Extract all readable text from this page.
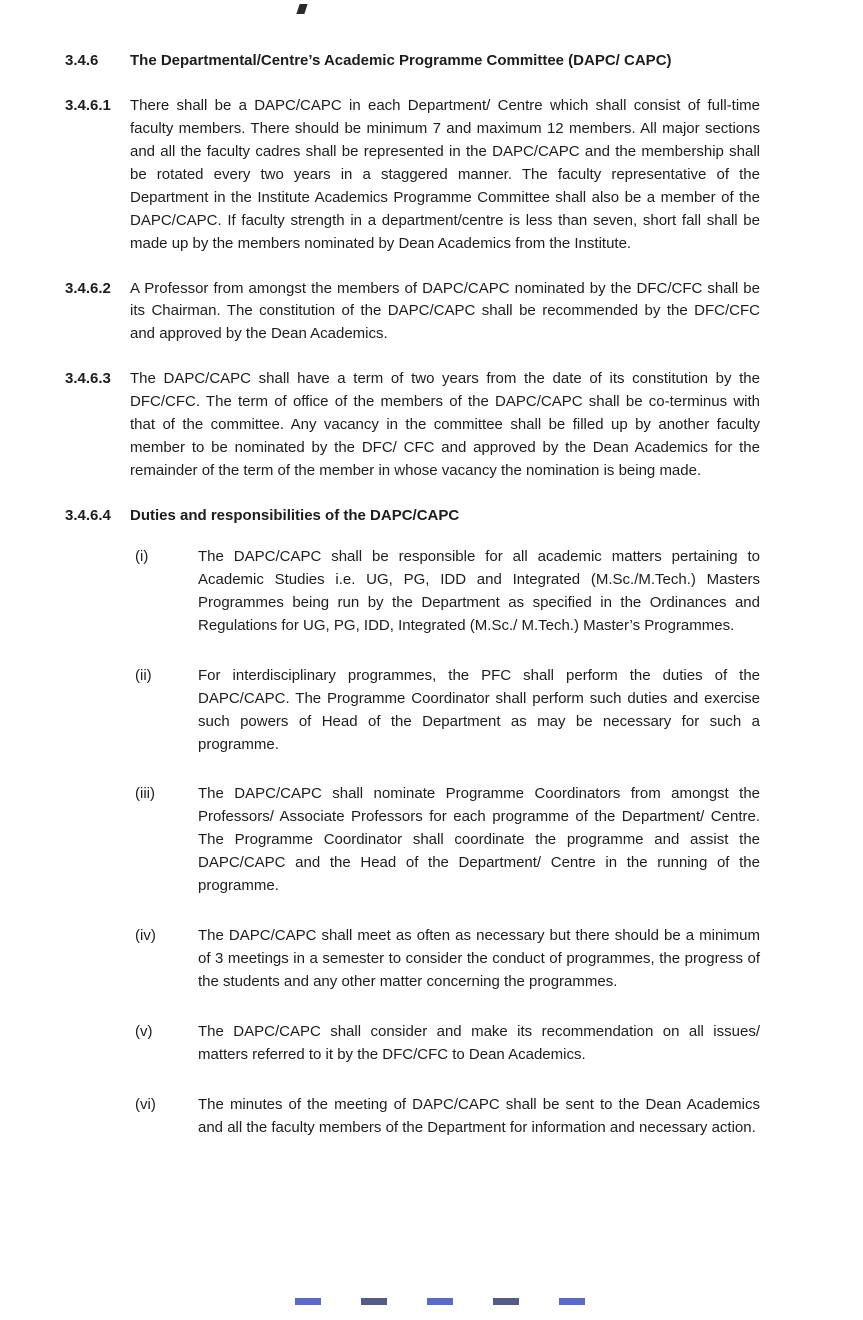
3.4.6	The Departmental/Centre’s Academic Programme Committee (DAPC/ CAPC)

3.4.6.1	There shall be a DAPC/CAPC in each Department/ Centre which shall consist of full-time faculty members. There should be minimum 7 and maximum 12 members. All major sections and all the faculty cadres shall be represented in the DAPC/CAPC and the membership shall be rotated every two years in a staggered manner. The faculty representative of the Department in the Institute Academics Programme Committee shall also be a member of the DAPC/CAPC. If faculty strength in a department/centre is less than seven, short fall shall be made up by the members nominated by Dean Academics from the Institute.

3.4.6.2	A Professor from amongst the members of DAPC/CAPC nominated by the DFC/CFC shall be its Chairman. The constitution of the DAPC/CAPC shall be recommended by the DFC/CFC and approved by the Dean Academics.

3.4.6.3	The DAPC/CAPC shall have a term of two years from the date of its constitution by the DFC/CFC. The term of office of the members of the DAPC/CAPC shall be co-terminus with that of the committee. Any vacancy in the committee shall be filled up by another faculty member to be nominated by the DFC/ CFC and approved by the Dean Academics for the remainder of the term of the member in whose vacancy the nomination is being made.

3.4.6.4	Duties and responsibilities of the DAPC/CAPC

(i)	The DAPC/CAPC shall be responsible for all academic matters pertaining to Academic Studies i.e. UG, PG, IDD and Integrated (M.Sc./M.Tech.) Masters Programmes being run by the Department as specified in the Ordinances and Regulations for UG, PG, IDD, Integrated (M.Sc./ M.Tech.) Master’s Programmes.

(ii)	For interdisciplinary programmes, the PFC shall perform the duties of the DAPC/CAPC. The Programme Coordinator shall perform such duties and exercise such powers of Head of the Department as may be necessary for such a programme.

(iii)	The DAPC/CAPC shall nominate Programme Coordinators from amongst the Professors/ Associate Professors for each programme of the Department/ Centre. The Programme Coordinator shall coordinate the programme and assist the DAPC/CAPC and the Head of the Department/ Centre in the running of the programme.

(iv)	The DAPC/CAPC shall meet as often as necessary but there should be a minimum of 3 meetings in a semester to consider the conduct of programmes, the progress of the students and any other matter concerning the programmes.

(v)	The DAPC/CAPC shall consider and make its recommendation on all issues/ matters referred to it by the DFC/CFC to Dean Academics.

(vi)	The minutes of the meeting of DAPC/CAPC shall be sent to the Dean Academics and all the faculty members of the Department for information and necessary action.
